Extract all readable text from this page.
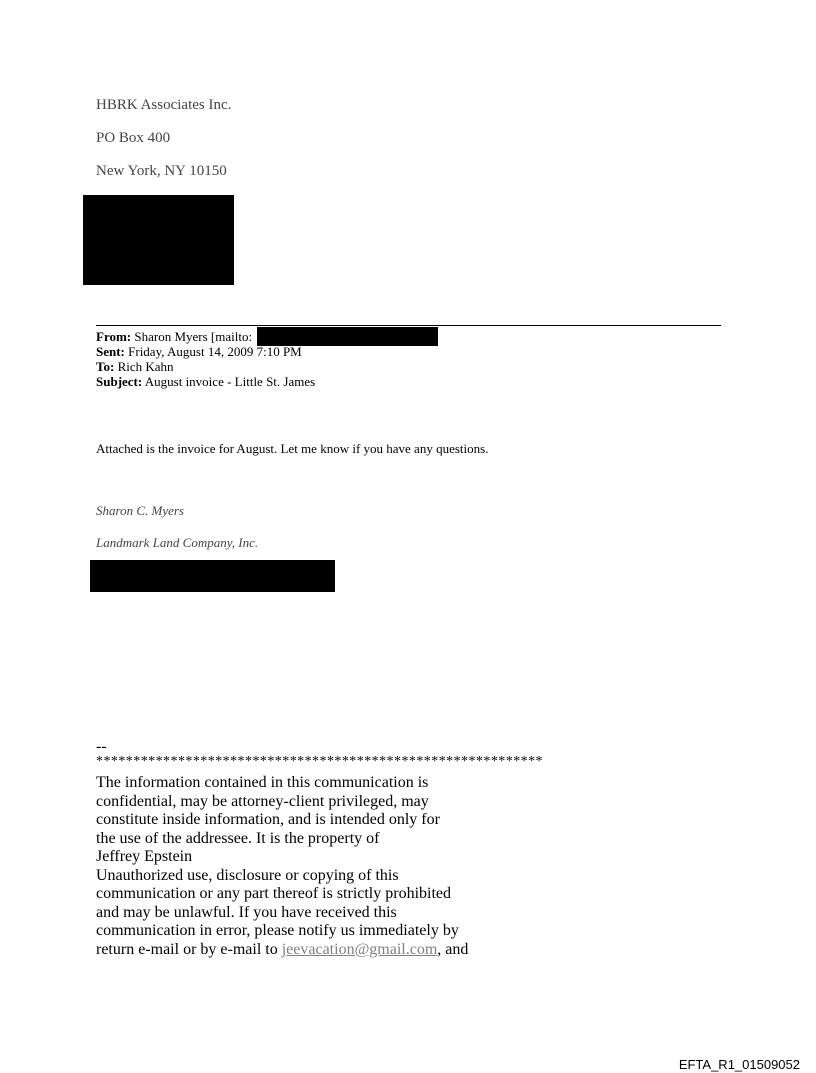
HBRK Associates Inc.
PO Box 400
New York, NY 10150
From: Sharon Myers [mailto:
Sent: Friday, August 14, 2009 7:10 PM
To: Rich Kahn
Subject: August invoice - Little St. James
Attached is the invoice for August. Let me know if you have any questions.
Sharon C. Myers
Landmark Land Company, Inc.
--
************************************************************
The information contained in this communication is
confidential, may be attorney-client privileged, may
constitute inside information, and is intended only for
the use of the addressee. It is the property of
Jeffrey Epstein
Unauthorized use, disclosure or copying of this
communication or any part thereof is strictly prohibited
and may be unlawful. If you have received this
communication in error, please notify us immediately by
return e-mail or by e-mail to jeevacation@gmail.com, and
EFTA_R1_01509052
